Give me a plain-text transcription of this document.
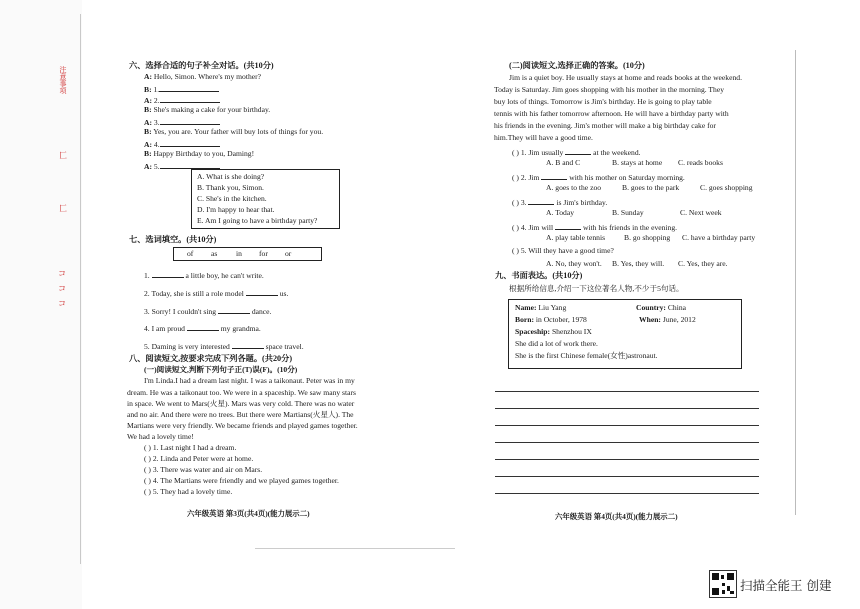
注意事项
匚
匚
コ
コ
コ
六、选择合适的句子补全对话。(共10分)
A: Hello, Simon. Where's my mother?
B: 1.
A: 2.
B: She's making a cake for your birthday.
A: 3.
B: Yes, you are. Your father will buy lots of things for you.
A: 4.
B: Happy Birthday to you, Daming!
A: 5.
A. What is she doing?
B. Thank you, Simon.
C. She's in the kitchen.
D. I'm happy to hear that.
E. Am I going to have a birthday party?
七、选词填空。(共10分)
of as in for or
1.	a little boy, he can't write.
2. Today, she is still a role model	us.
3. Sorry! I couldn't sing	dance.
4. I am proud	my grandma.
5. Daming is very interested	space travel.
八、阅读短文,按要求完成下列各题。(共20分)
(一)阅读短文,判断下列句子正(T)误(F)。(10分)
I'm Linda.I had a dream last night. I was a taikonaut. Peter was in my
dream. He was a taikonaut too. We were in a spaceship. We saw many stars
in space. We went to Mars(火星). Mars was very cold. There was no water
and no air. And there were no trees. But there were Martians(火星人). The
Martians were very friendly. We became friends and played games together.
We had a lovely time!
( ) 1. Last night I had a dream.
( ) 2. Linda and Peter were at home.
( ) 3. There was water and air on Mars.
( ) 4. The Martians were friendly and we played games together.
( ) 5. They had a lovely time.
六年级英语 第3页(共4页)(能力展示二)
(二)阅读短文,选择正确的答案。(10分)
Jim is a quiet boy. He usually stays at home and reads books at the weekend.
Today is Saturday. Jim goes shopping with his mother in the morning. They
buy lots of things. Tomorrow is Jim's birthday. He is going to play table
tennis with his father tomorrow afternoon. He will have a birthday party with
his friends in the evening. Jim's mother will make a big birthday cake for
him.They will have a good time.
( ) 1. Jim usually	at the weekend.
A. B and C	B. stays at home C. reads books
( ) 2. Jim	with his mother on Saturday morning.
A. goes to the zoo	B. goes to the park	C. goes shopping
( ) 3.	is Jim's birthday.
A. Today	B. Sunday	C. Next week
( ) 4. Jim will	with his friends in the evening.
A. play table tennis B. go shopping C. have a birthday party
( ) 5. Will they have a good time?
A. No, they won't. B. Yes, they will. C. Yes, they are.
九、书面表达。(共10分)
根据所给信息,介绍一下这位著名人物,不少于5句话。
Name: Liu Yang	Country: China
Born: in October, 1978	When: June, 2012
Spaceship: Shenzhou IX
She did a lot of work there.
She is the first Chinese female(女性)astronaut.
六年级英语 第4页(共4页)(能力展示二)
扫描全能王 创建
